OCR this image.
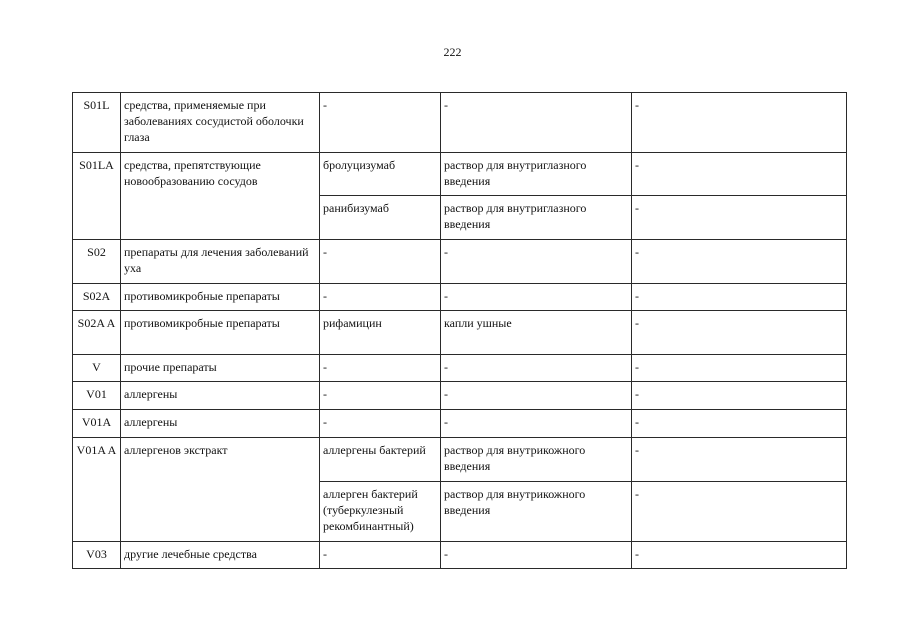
222
S01L	средства, применяемые при заболеваниях сосудистой оболочки глаза	-	-	-
S01LA	средства, препятствующие новообразованию сосудов	бролуцизумаб	раствор для внутриглазного введения	-
		ранибизумаб	раствор для внутриглазного введения	-
S02	препараты для лечения заболеваний уха	-	-	-
S02A	противомикробные препараты	-	-	-
S02A A	противомикробные препараты	рифамицин	капли ушные	-
V	прочие препараты	-	-	-
V01	аллергены	-	-	-
V01A	аллергены	-	-	-
V01A A	аллергенов экстракт	аллергены бактерий	раствор для внутрикожного введения	-
		аллерген бактерий (туберкулезный рекомбинантный)	раствор для внутрикожного введения	-
V03	другие лечебные средства	-	-	-
